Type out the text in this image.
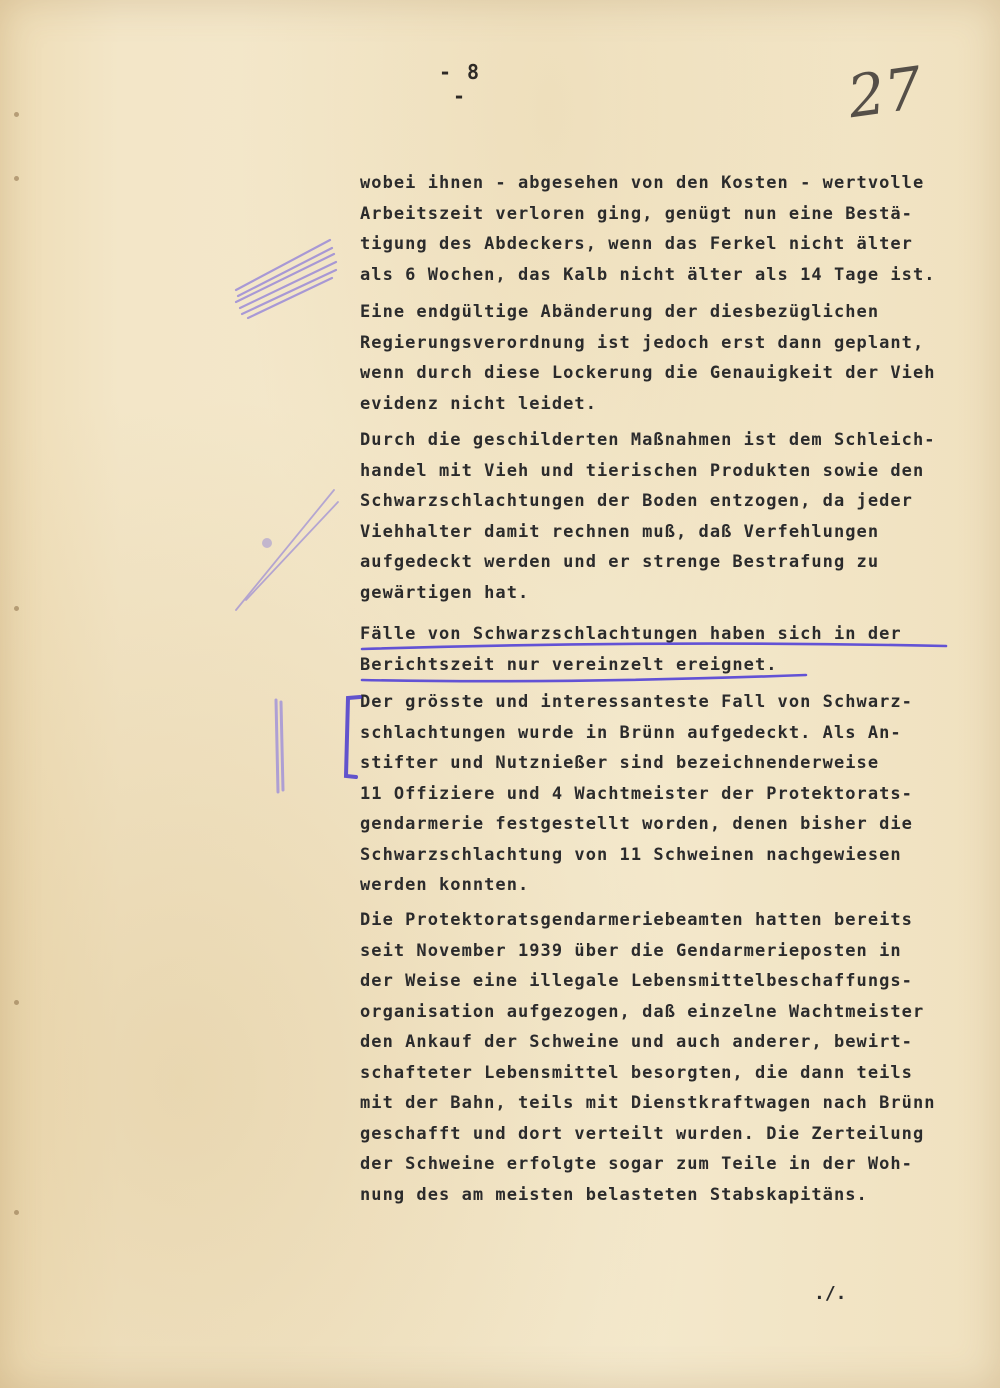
- 8 -	27
wobei ihnen - abgesehen von den Kosten - wertvolle
Arbeitszeit verloren ging, genügt nun eine Bestä-
tigung des Abdeckers, wenn das Ferkel nicht älter
als 6 Wochen, das Kalb nicht älter als 14 Tage ist.
Eine endgültige Abänderung der diesbezüglichen
Regierungsverordnung ist jedoch erst dann geplant,
wenn durch diese Lockerung die Genauigkeit der Vieh
evidenz nicht leidet.
Durch die geschilderten Maßnahmen ist dem Schleich-
handel mit Vieh und tierischen Produkten sowie den
Schwarzschlachtungen der Boden entzogen, da jeder
Viehhalter damit rechnen muß, daß Verfehlungen
aufgedeckt werden und er strenge Bestrafung zu
gewärtigen hat.
Fälle von Schwarzschlachtungen haben sich in der
Berichtszeit nur vereinzelt ereignet.
Der grösste und interessanteste Fall von Schwarz-
schlachtungen wurde in Brünn aufgedeckt. Als An-
stifter und Nutznießer sind bezeichnenderweise
11 Offiziere und 4 Wachtmeister der Protektorats-
gendarmerie festgestellt worden, denen bisher die
Schwarzschlachtung von 11 Schweinen nachgewiesen
werden konnten.
Die Protektoratsgendarmeriebeamten hatten bereits
seit November 1939 über die Gendarmerieposten in
der Weise eine illegale Lebensmittelbeschaffungs-
organisation aufgezogen, daß einzelne Wachtmeister
den Ankauf der Schweine und auch anderer, bewirt-
schafteter Lebensmittel besorgten, die dann teils
mit der Bahn, teils mit Dienstkraftwagen nach Brünn
geschafft und dort verteilt wurden. Die Zerteilung
der Schweine erfolgte sogar zum Teile in der Woh-
nung des am meisten belasteten Stabskapitäns.
./.
